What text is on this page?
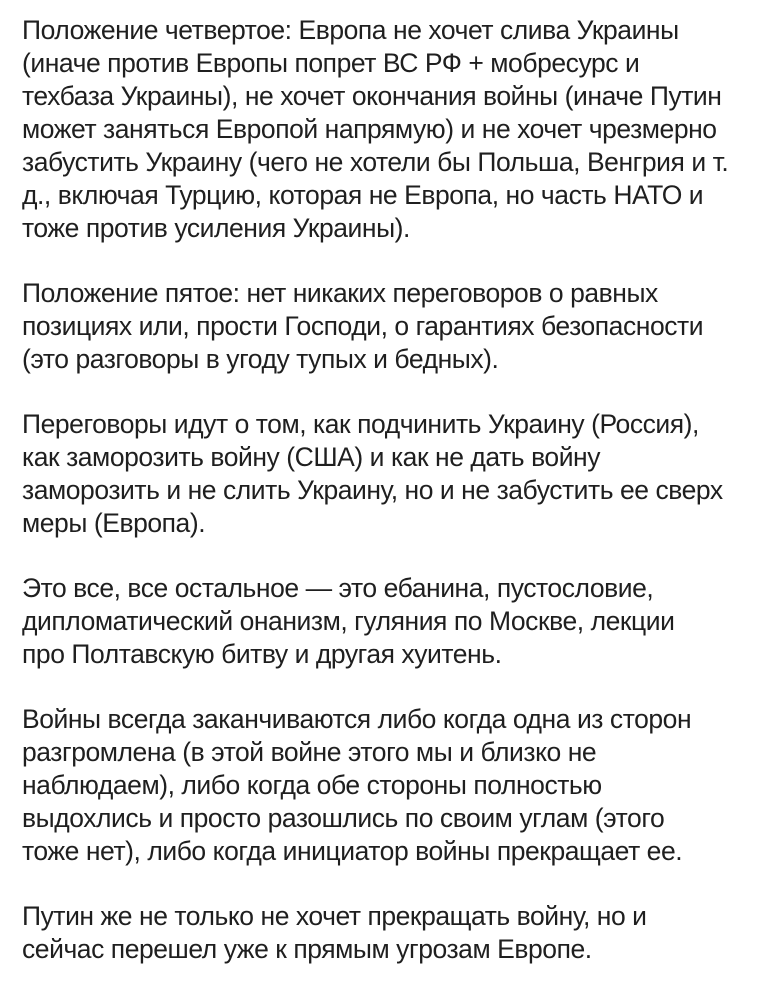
Положение четвертое: Европа не хочет слива Украины
(иначе против Европы попрет ВС РФ + мобресурс и
техбаза Украины), не хочет окончания войны (иначе Путин
может заняться Европой напрямую) и не хочет чрезмерно
забустить Украину (чего не хотели бы Польша, Венгрия и т.
д., включая Турцию, которая не Европа, но часть НАТО и
тоже против усиления Украины).
Положение пятое: нет никаких переговоров о равных
позициях или, прости Господи, о гарантиях безопасности
(это разговоры в угоду тупых и бедных).
Переговоры идут о том, как подчинить Украину (Россия),
как заморозить войну (США) и как не дать войну
заморозить и не слить Украину, но и не забустить ее сверх
меры (Европа).
Это все, все остальное — это ебанина, пустословие,
дипломатический онанизм, гуляния по Москве, лекции
про Полтавскую битву и другая хуитень.
Войны всегда заканчиваются либо когда одна из сторон
разгромлена (в этой войне этого мы и близко не
наблюдаем), либо когда обе стороны полностью
выдохлись и просто разошлись по своим углам (этого
тоже нет), либо когда инициатор войны прекращает ее.
Путин же не только не хочет прекращать войну, но и
сейчас перешел уже к прямым угрозам Европе.
